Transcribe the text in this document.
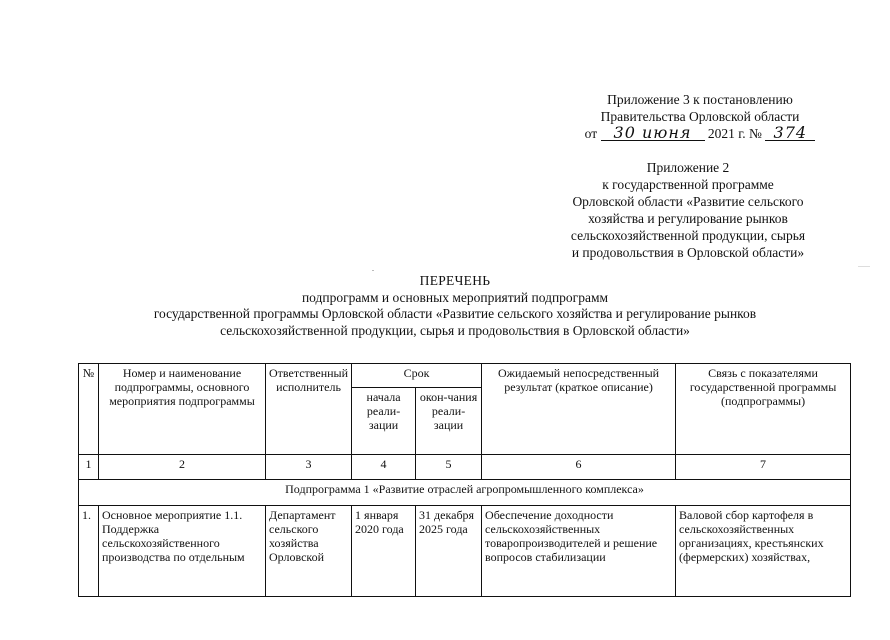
Приложение 3 к постановлению
Правительства Орловской области
от 30 июня 2021 г. № 374
Приложение 2
к государственной программе
Орловской области «Развитие сельского
хозяйства и регулирование рынков
сельскохозяйственной продукции, сырья
и продовольствия в Орловской области»
ПЕРЕЧЕНЬ
подпрограмм и основных мероприятий подпрограмм
государственной программы Орловской области «Развитие сельского хозяйства и регулирование рынков
сельскохозяйственной продукции, сырья и продовольствия в Орловской области»
№	Номер и наименование подпрограммы, основного мероприятия подпрограммы	Ответственный исполнитель	Срок		Ожидаемый непосредственный результат (краткое описание)	Связь с показателями государственной программы (подпрограммы)
			начала реали-зации	окон-чания реали-зации		
1	2	3	4	5	6	7
Подпрограмма 1 «Развитие отраслей агропромышленного комплекса»						

1.	Основное мероприятие 1.1. Поддержка сельскохозяйственного производства по отдельным	Департамент сельского хозяйства Орловской	1 января 2020 года	31 декабря 2025 года	Обеспечение доходности сельскохозяйственных товаропроизводителей и решение вопросов стабилизации	Валовой сбор картофеля в сельскохозяйственных организациях, крестьянских (фермерских) хозяйствах,
